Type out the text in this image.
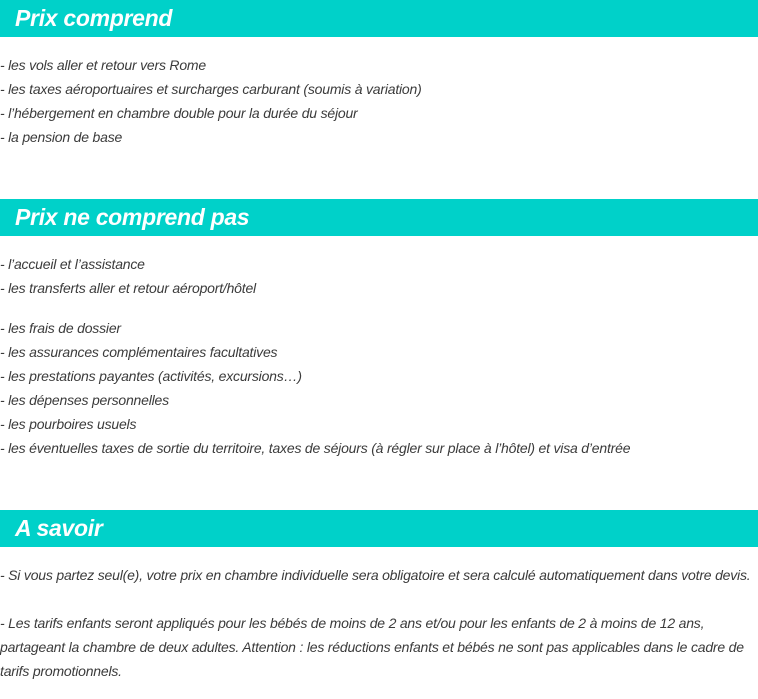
Prix comprend
- les vols aller et retour vers Rome
- les taxes aéroportuaires et surcharges carburant (soumis à variation)
- l’hébergement en chambre double pour la durée du séjour
- la pension de base
Prix ne comprend pas
- l’accueil et l’assistance
- les transferts aller et retour aéroport/hôtel
- les frais de dossier
- les assurances complémentaires facultatives
- les prestations payantes (activités, excursions…)
- les dépenses personnelles
- les pourboires usuels
- les éventuelles taxes de sortie du territoire, taxes de séjours (à régler sur place à l’hôtel) et visa d’entrée
A savoir
- Si vous partez seul(e), votre prix en chambre individuelle sera obligatoire et sera calculé automatiquement dans votre devis.
- Les tarifs enfants seront appliqués pour les bébés de moins de 2 ans et/ou pour les enfants de 2 à moins de 12 ans, partageant la chambre de deux adultes. Attention : les réductions enfants et bébés ne sont pas applicables dans le cadre de tarifs promotionnels.
